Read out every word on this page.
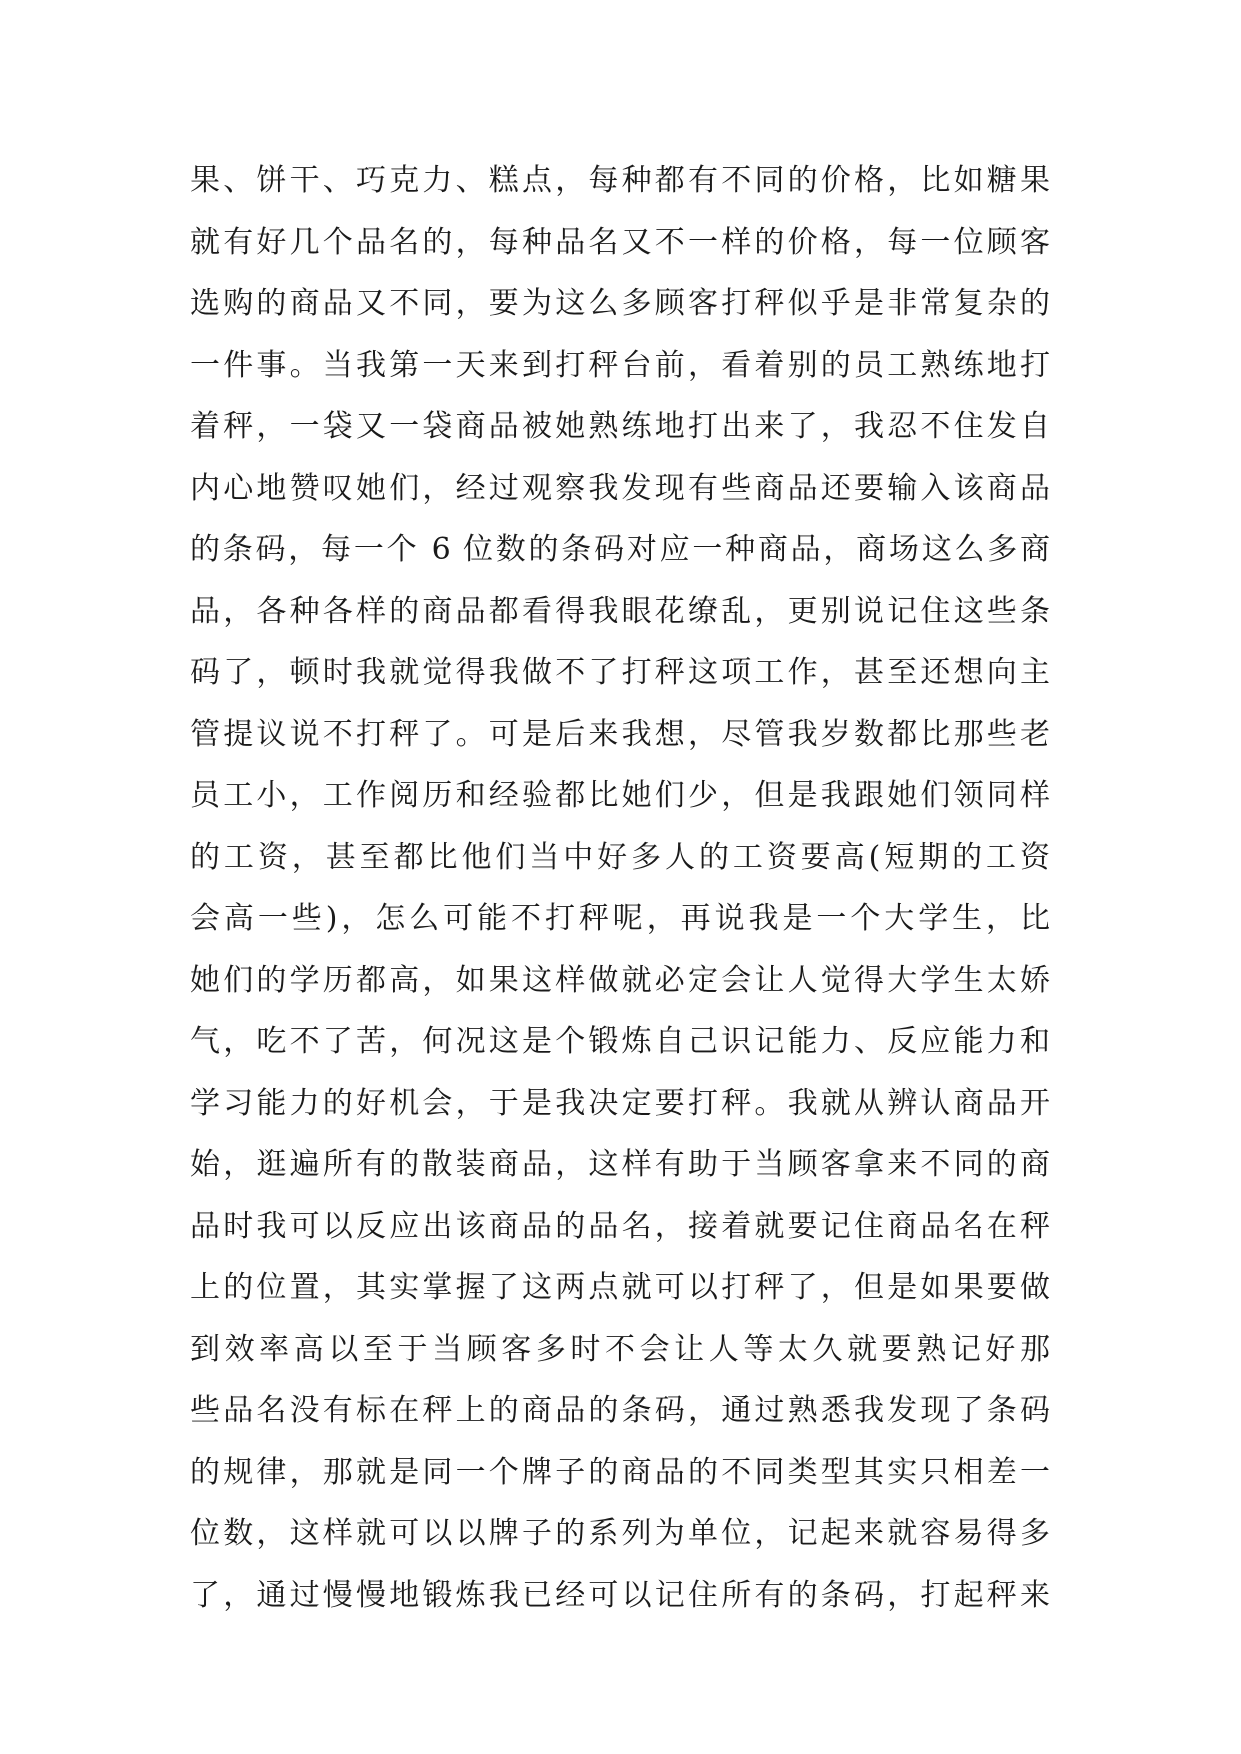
果、饼干、巧克力、糕点，每种都有不同的价格，比如糖果
就有好几个品名的，每种品名又不一样的价格，每一位顾客
选购的商品又不同，要为这么多顾客打秤似乎是非常复杂的
一件事。当我第一天来到打秤台前，看着别的员工熟练地打
着秤，一袋又一袋商品被她熟练地打出来了，我忍不住发自
内心地赞叹她们，经过观察我发现有些商品还要输入该商品
的条码，每一个 6 位数的条码对应一种商品，商场这么多商
品，各种各样的商品都看得我眼花缭乱，更别说记住这些条
码了，顿时我就觉得我做不了打秤这项工作，甚至还想向主
管提议说不打秤了。可是后来我想，尽管我岁数都比那些老
员工小，工作阅历和经验都比她们少，但是我跟她们领同样
的工资，甚至都比他们当中好多人的工资要高(短期的工资
会高一些)，怎么可能不打秤呢，再说我是一个大学生，比
她们的学历都高，如果这样做就必定会让人觉得大学生太娇
气，吃不了苦，何况这是个锻炼自己识记能力、反应能力和
学习能力的好机会，于是我决定要打秤。我就从辨认商品开
始，逛遍所有的散装商品，这样有助于当顾客拿来不同的商
品时我可以反应出该商品的品名，接着就要记住商品名在秤
上的位置，其实掌握了这两点就可以打秤了，但是如果要做
到效率高以至于当顾客多时不会让人等太久就要熟记好那
些品名没有标在秤上的商品的条码，通过熟悉我发现了条码
的规律，那就是同一个牌子的商品的不同类型其实只相差一
位数，这样就可以以牌子的系列为单位，记起来就容易得多
了，通过慢慢地锻炼我已经可以记住所有的条码，打起秤来
